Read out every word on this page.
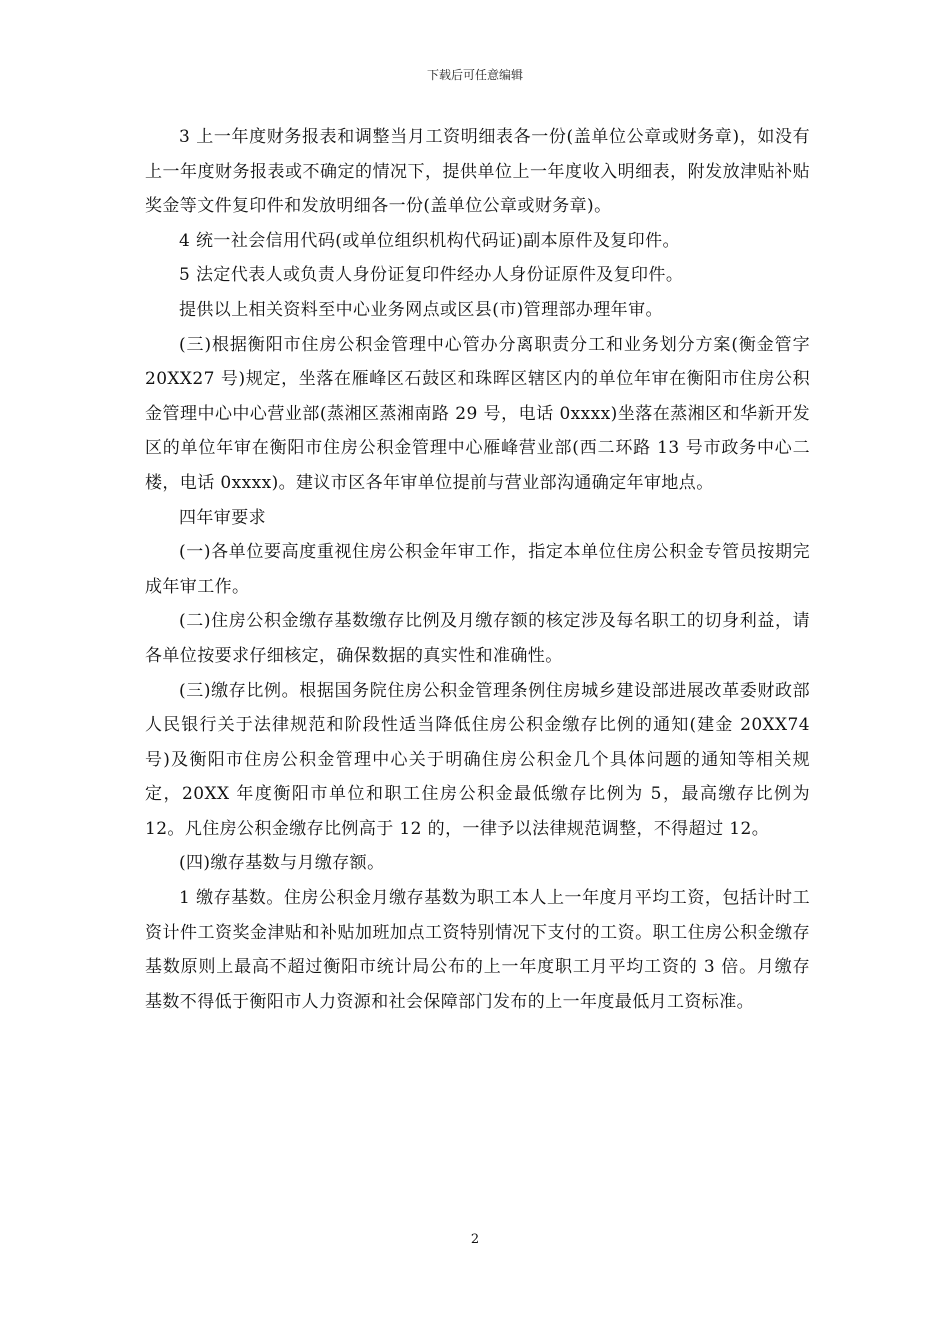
下载后可任意编辑

3 上一年度财务报表和调整当月工资明细表各一份(盖单位公章或财务章)，如没有上一年度财务报表或不确定的情况下，提供单位上一年度收入明细表，附发放津贴补贴奖金等文件复印件和发放明细各一份(盖单位公章或财务章)。

4 统一社会信用代码(或单位组织机构代码证)副本原件及复印件。

5 法定代表人或负责人身份证复印件经办人身份证原件及复印件。

提供以上相关资料至中心业务网点或区县(市)管理部办理年审。

(三)根据衡阳市住房公积金管理中心管办分离职责分工和业务划分方案(衡金管字 20XX27 号)规定，坐落在雁峰区石鼓区和珠晖区辖区内的单位年审在衡阳市住房公积金管理中心中心营业部(蒸湘区蒸湘南路 29 号，电话 0xxxx)坐落在蒸湘区和华新开发区的单位年审在衡阳市住房公积金管理中心雁峰营业部(西二环路 13 号市政务中心二楼，电话 0xxxx)。建议市区各年审单位提前与营业部沟通确定年审地点。

四年审要求

(一)各单位要高度重视住房公积金年审工作，指定本单位住房公积金专管员按期完成年审工作。

(二)住房公积金缴存基数缴存比例及月缴存额的核定涉及每名职工的切身利益，请各单位按要求仔细核定，确保数据的真实性和准确性。

(三)缴存比例。根据国务院住房公积金管理条例住房城乡建设部进展改革委财政部人民银行关于法律规范和阶段性适当降低住房公积金缴存比例的通知(建金 20XX74 号)及衡阳市住房公积金管理中心关于明确住房公积金几个具体问题的通知等相关规定，20XX 年度衡阳市单位和职工住房公积金最低缴存比例为 5，最高缴存比例为 12。凡住房公积金缴存比例高于 12 的，一律予以法律规范调整，不得超过 12。

(四)缴存基数与月缴存额。

1 缴存基数。住房公积金月缴存基数为职工本人上一年度月平均工资，包括计时工资计件工资奖金津贴和补贴加班加点工资特别情况下支付的工资。职工住房公积金缴存基数原则上最高不超过衡阳市统计局公布的上一年度职工月平均工资的 3 倍。月缴存基数不得低于衡阳市人力资源和社会保障部门发布的上一年度最低月工资标准。

2
